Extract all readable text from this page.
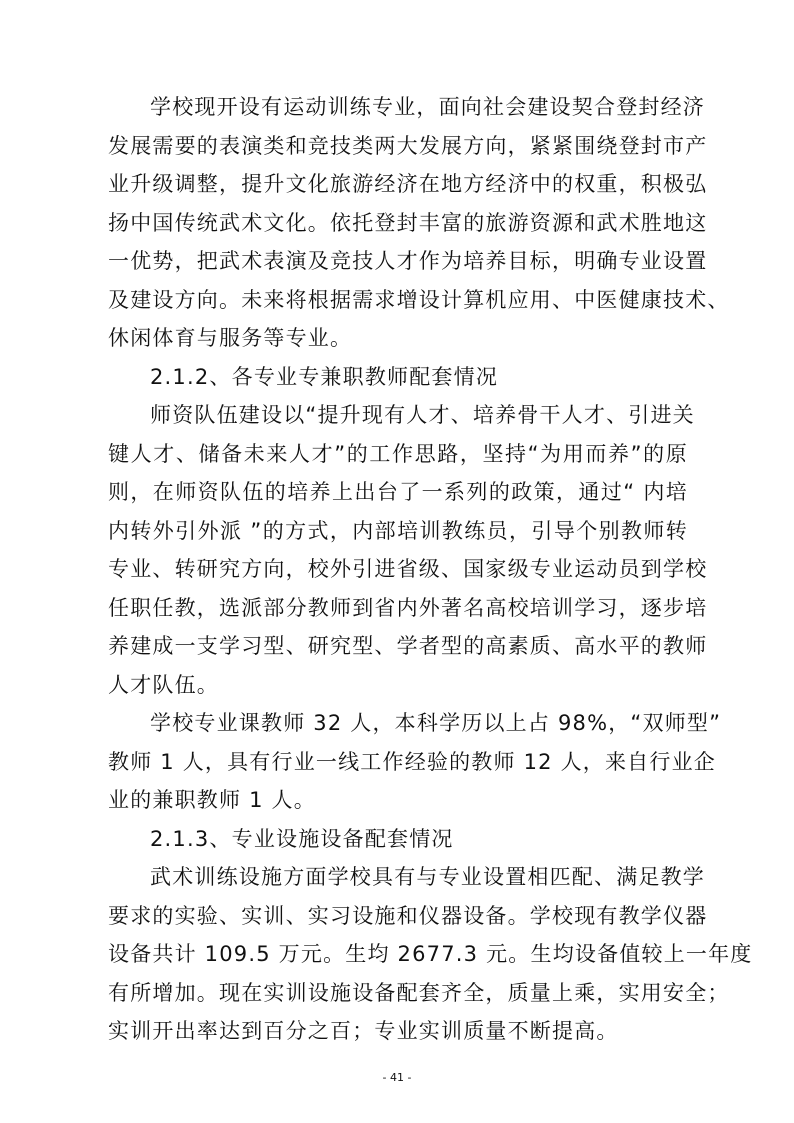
学校现开设有运动训练专业，面向社会建设契合登封经济
发展需要的表演类和竞技类两大发展方向，紧紧围绕登封市产
业升级调整，提升文化旅游经济在地方经济中的权重，积极弘
扬中国传统武术文化。依托登封丰富的旅游资源和武术胜地这
一优势，把武术表演及竞技人才作为培养目标，明确专业设置
及建设方向。未来将根据需求增设计算机应用、中医健康技术、
休闲体育与服务等专业。
2.1.2、各专业专兼职教师配套情况
师资队伍建设以“提升现有人才、培养骨干人才、引进关
键人才、储备未来人才”的工作思路，坚持“为用而养”的原
则，在师资队伍的培养上出台了一系列的政策，通过“ 内培
内转外引外派 ”的方式，内部培训教练员，引导个别教师转
专业、转研究方向，校外引进省级、国家级专业运动员到学校
任职任教，选派部分教师到省内外著名高校培训学习，逐步培
养建成一支学习型、研究型、学者型的高素质、高水平的教师
人才队伍。
学校专业课教师 32 人，本科学历以上占 98%，“双师型”
教师 1 人，具有行业一线工作经验的教师 12 人，来自行业企
业的兼职教师 1 人。
2.1.3、专业设施设备配套情况
武术训练设施方面学校具有与专业设置相匹配、满足教学
要求的实验、实训、实习设施和仪器设备。学校现有教学仪器
设备共计 109.5 万元。生均 2677.3 元。生均设备值较上一年度
有所增加。现在实训设施设备配套齐全，质量上乘，实用安全；
实训开出率达到百分之百；专业实训质量不断提高。
- 41 -
